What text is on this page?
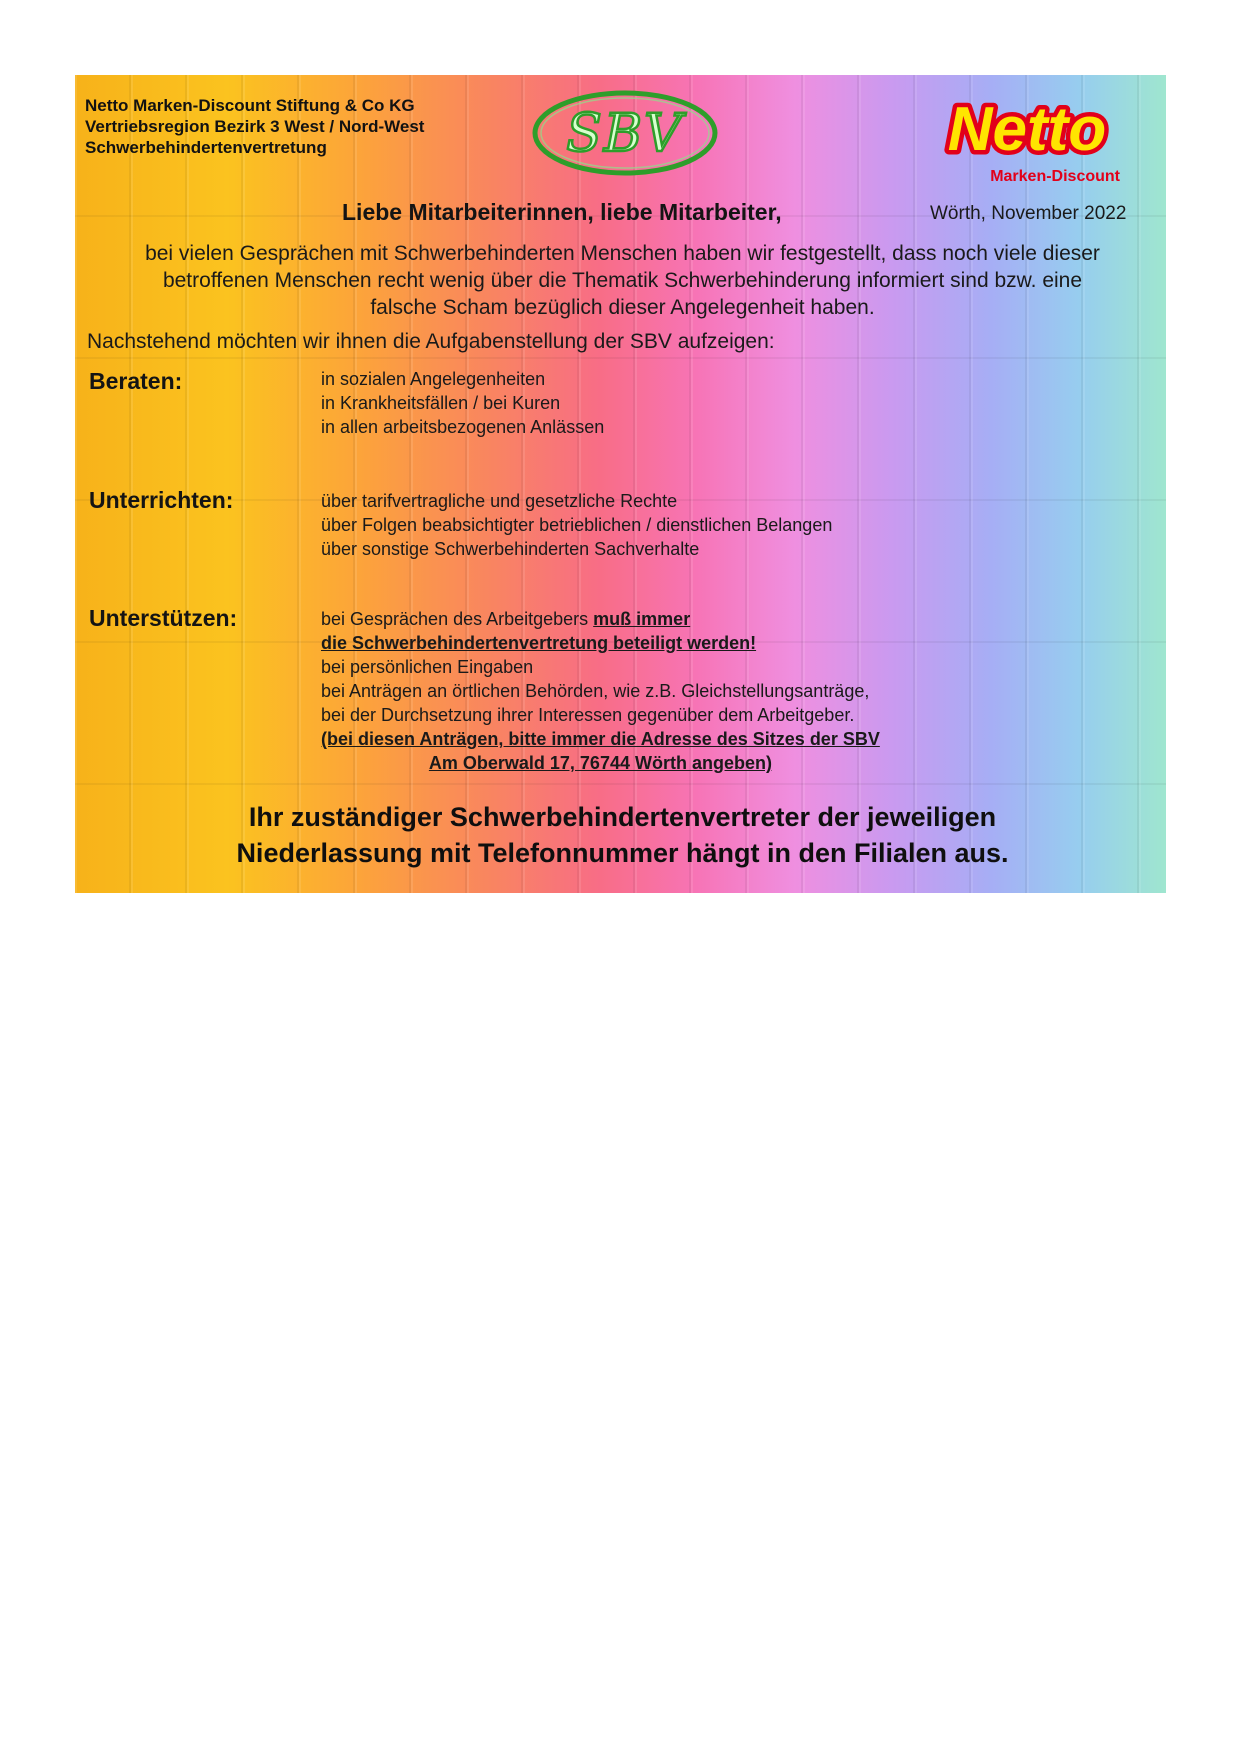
Netto Marken-Discount Stiftung & Co KG
Vertriebsregion Bezirk 3 West / Nord-West
Schwerbehindertenvertretung	SBV	Netto
Marken-Discount
Wörth, November 2022
Liebe Mitarbeiterinnen, liebe Mitarbeiter,
bei vielen Gesprächen mit Schwerbehinderten Menschen haben wir festgestellt, dass noch viele dieser
betroffenen Menschen recht wenig über die Thematik Schwerbehinderung informiert sind bzw. eine
falsche Scham bezüglich dieser Angelegenheit haben.
Nachstehend möchten wir ihnen die Aufgabenstellung der SBV aufzeigen:
Beraten:	in sozialen Angelegenheiten
in Krankheitsfällen / bei Kuren
in allen arbeitsbezogenen Anlässen
Unterrichten:	über tarifvertragliche und gesetzliche Rechte
über Folgen beabsichtigter betrieblichen / dienstlichen Belangen
über sonstige Schwerbehinderten Sachverhalte
Unterstützen:	bei Gesprächen des Arbeitgebers muß immer
die Schwerbehindertenvertretung beteiligt werden!
bei persönlichen Eingaben
bei Anträgen an örtlichen Behörden, wie z.B. Gleichstellungsanträge,
bei der Durchsetzung ihrer Interessen gegenüber dem Arbeitgeber.
(bei diesen Anträgen, bitte immer die Adresse des Sitzes der SBV
Am Oberwald 17, 76744 Wörth angeben)
Ihr zuständiger Schwerbehindertenvertreter der jeweiligen
Niederlassung mit Telefonnummer hängt in den Filialen aus.
